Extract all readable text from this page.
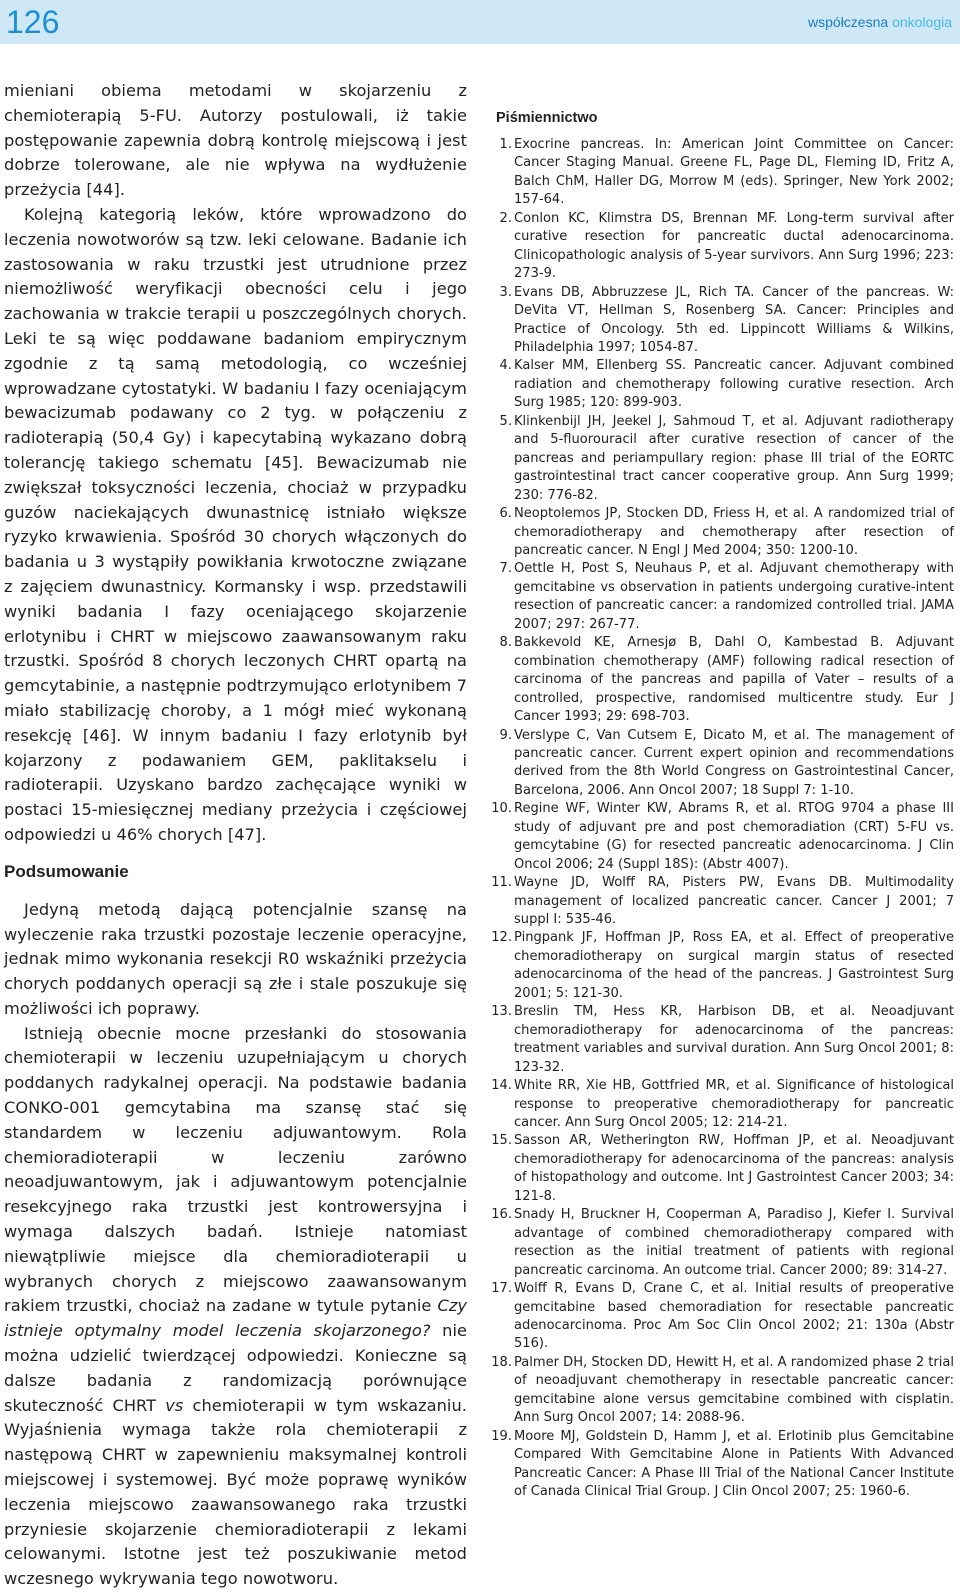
126	współczesna onkologia

mieniani obiema metodami w skojarzeniu z chemioterapią 5-FU. Autorzy postulowali, iż takie postępowanie zapewnia dobrą kontrolę miejscową i jest dobrze tolerowane, ale nie wpływa na wydłużenie przeżycia [44].

Kolejną kategorią leków, które wprowadzono do leczenia nowotworów są tzw. leki celowane. Badanie ich zastosowania w raku trzustki jest utrudnione przez niemożliwość weryfikacji obecności celu i jego zachowania w trakcie terapii u poszczególnych chorych. Leki te są więc poddawane badaniom empirycznym zgodnie z tą samą metodologią, co wcześniej wprowadzane cytostatyki. W badaniu I fazy oceniającym bewacizumab podawany co 2 tyg. w połączeniu z radioterapią (50,4 Gy) i kapecytabiną wykazano dobrą tolerancję takiego schematu [45]. Bewacizumab nie zwiększał toksyczności leczenia, chociaż w przypadku guzów naciekających dwunastnicę istniało większe ryzyko krwawienia. Spośród 30 chorych włączonych do badania u 3 wystąpiły powikłania krwotoczne związane z zajęciem dwunastnicy. Kormansky i wsp. przedstawili wyniki badania I fazy oceniającego skojarzenie erlotynibu i CHRT w miejscowo zaawansowanym raku trzustki. Spośród 8 chorych leczonych CHRT opartą na gemcytabinie, a następnie podtrzymująco erlotynibem 7 miało stabilizację choroby, a 1 mógł mieć wykonaną resekcję [46]. W innym badaniu I fazy erlotynib był kojarzony z podawaniem GEM, paklitakselu i radioterapii. Uzyskano bardzo zachęcające wyniki w postaci 15-miesięcznej mediany przeżycia i częściowej odpowiedzi u 46% chorych [47].

Podsumowanie

Jedyną metodą dającą potencjalnie szansę na wyleczenie raka trzustki pozostaje leczenie operacyjne, jednak mimo wykonania resekcji R0 wskaźniki przeżycia chorych poddanych operacji są złe i stale poszukuje się możliwości ich poprawy.

Istnieją obecnie mocne przesłanki do stosowania chemioterapii w leczeniu uzupełniającym u chorych poddanych radykalnej operacji. Na podstawie badania CONKO-001 gemcytabina ma szansę stać się standardem w leczeniu adjuwantowym. Rola chemioradioterapii w leczeniu zarówno neoadjuwantowym, jak i adjuwantowym potencjalnie resekcyjnego raka trzustki jest kontrowersyjna i wymaga dalszych badań. Istnieje natomiast niewątpliwie miejsce dla chemioradioterapii u wybranych chorych z miejscowo zaawansowanym rakiem trzustki, chociaż na zadane w tytule pytanie Czy istnieje optymalny model leczenia skojarzonego? nie można udzielić twierdzącej odpowiedzi. Konieczne są dalsze badania z randomizacją porównujące skuteczność CHRT vs chemioterapii w tym wskazaniu. Wyjaśnienia wymaga także rola chemioterapii z następową CHRT w zapewnieniu maksymalnej kontroli miejscowej i systemowej. Być może poprawę wyników leczenia miejscowo zaawansowanego raka trzustki przyniesie skojarzenie chemioradioterapii z lekami celowanymi. Istotne jest też poszukiwanie metod wczesnego wykrywania tego nowotworu.

Piśmiennictwo
1. Exocrine pancreas. In: American Joint Committee on Cancer: Cancer Staging Manual. Greene FL, Page DL, Fleming ID, Fritz A, Balch ChM, Haller DG, Morrow M (eds). Springer, New York 2002; 157-64.
2. Conlon KC, Klimstra DS, Brennan MF. Long-term survival after curative resection for pancreatic ductal adenocarcinoma. Clinicopathologic analysis of 5-year survivors. Ann Surg 1996; 223: 273-9.
3. Evans DB, Abbruzzese JL, Rich TA. Cancer of the pancreas. W: DeVita VT, Hellman S, Rosenberg SA. Cancer: Principles and Practice of Oncology. 5th ed. Lippincott Williams & Wilkins, Philadelphia 1997; 1054-87.
4. Kalser MM, Ellenberg SS. Pancreatic cancer. Adjuvant combined radiation and chemotherapy following curative resection. Arch Surg 1985; 120: 899-903.
5. Klinkenbijl JH, Jeekel J, Sahmoud T, et al. Adjuvant radiotherapy and 5-fluorouracil after curative resection of cancer of the pancreas and periampullary region: phase III trial of the EORTC gastrointestinal tract cancer cooperative group. Ann Surg 1999; 230: 776-82.
6. Neoptolemos JP, Stocken DD, Friess H, et al. A randomized trial of chemoradiotherapy and chemotherapy after resection of pancreatic cancer. N Engl J Med 2004; 350: 1200-10.
7. Oettle H, Post S, Neuhaus P, et al. Adjuvant chemotherapy with gemcitabine vs observation in patients undergoing curative-intent resection of pancreatic cancer: a randomized controlled trial. JAMA 2007; 297: 267-77.
8. Bakkevold KE, Arnesjø B, Dahl O, Kambestad B. Adjuvant combination chemotherapy (AMF) following radical resection of carcinoma of the pancreas and papilla of Vater – results of a controlled, prospective, randomised multicentre study. Eur J Cancer 1993; 29: 698-703.
9. Verslype C, Van Cutsem E, Dicato M, et al. The management of pancreatic cancer. Current expert opinion and recommendations derived from the 8th World Congress on Gastrointestinal Cancer, Barcelona, 2006. Ann Oncol 2007; 18 Suppl 7: 1-10.
10. Regine WF, Winter KW, Abrams R, et al. RTOG 9704 a phase III study of adjuvant pre and post chemoradiation (CRT) 5-FU vs. gemcytabine (G) for resected pancreatic adenocarcinoma. J Clin Oncol 2006; 24 (Suppl 18S): (Abstr 4007).
11. Wayne JD, Wolff RA, Pisters PW, Evans DB. Multimodality management of localized pancreatic cancer. Cancer J 2001; 7 suppl I: 535-46.
12. Pingpank JF, Hoffman JP, Ross EA, et al. Effect of preoperative chemoradiotherapy on surgical margin status of resected adenocarcinoma of the head of the pancreas. J Gastrointest Surg 2001; 5: 121-30.
13. Breslin TM, Hess KR, Harbison DB, et al. Neoadjuvant chemoradiotherapy for adenocarcinoma of the pancreas: treatment variables and survival duration. Ann Surg Oncol 2001; 8: 123-32.
14. White RR, Xie HB, Gottfried MR, et al. Significance of histological response to preoperative chemoradiotherapy for pancreatic cancer. Ann Surg Oncol 2005; 12: 214-21.
15. Sasson AR, Wetherington RW, Hoffman JP, et al. Neoadjuvant chemoradiotherapy for adenocarcinoma of the pancreas: analysis of histopathology and outcome. Int J Gastrointest Cancer 2003; 34: 121-8.
16. Snady H, Bruckner H, Cooperman A, Paradiso J, Kiefer I. Survival advantage of combined chemoradiotherapy compared with resection as the initial treatment of patients with regional pancreatic carcinoma. An outcome trial. Cancer 2000; 89: 314-27.
17. Wolff R, Evans D, Crane C, et al. Initial results of preoperative gemcitabine based chemoradiation for resectable pancreatic adenocarcinoma. Proc Am Soc Clin Oncol 2002; 21: 130a (Abstr 516).
18. Palmer DH, Stocken DD, Hewitt H, et al. A randomized phase 2 trial of neoadjuvant chemotherapy in resectable pancreatic cancer: gemcitabine alone versus gemcitabine combined with cisplatin. Ann Surg Oncol 2007; 14: 2088-96.
19. Moore MJ, Goldstein D, Hamm J, et al. Erlotinib plus Gemcitabine Compared With Gemcitabine Alone in Patients With Advanced Pancreatic Cancer: A Phase III Trial of the National Cancer Institute of Canada Clinical Trial Group. J Clin Oncol 2007; 25: 1960-6.
